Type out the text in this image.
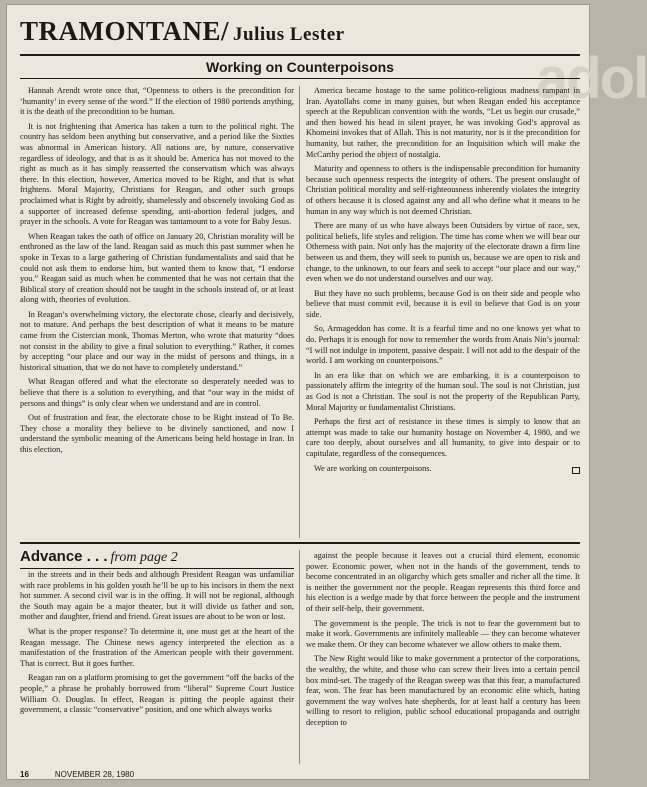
TRAMONTANE/ Julius Lester
adol
Working on Counterpoisons

Hannah Arendt wrote once that, “Openness to others is the precondition for ‘humanity’ in every sense of the word.” If the election of 1980 portends anything, it is the death of the precondition to be human.

It is not frightening that America has taken a turn to the political right. The country has seldom been anything but conservative, and a period like the Sixties was abnormal in American history. All nations are, by nature, conservative regardless of ideology, and that is as it should be. America has not moved to the right as much as it has simply reasserted the conservatism which was always there. In this election, however, America moved to be Right, and that is what frightens. Moral Majority, Christians for Reagan, and other such groups proclaimed what is Right by adroitly, shamelessly and obscenely invoking God as a supporter of increased defense spending, anti-abortion federal judges, and prayer in the schools. A vote for Reagan was tantamount to a vote for Baby Jesus.

When Reagan takes the oath of office on January 20, Christian morality will be enthroned as the law of the land. Reagan said as much this past summer when he spoke in Texas to a large gathering of Christian fundamentalists and said that he could not ask them to endorse him, but wanted them to know that, “I endorse you.” Reagan said as much when he commented that he was not certain that the Biblical story of creation should not be taught in the schools instead of, or at least along with, theories of evolution.

In Reagan’s overwhelming victory, the electorate chose, clearly and decisively, not to mature. And perhaps the best description of what it means to be mature came from the Cistercian monk, Thomas Merton, who wrote that maturity “does not consist in the ability to give a final solution to everything.” Rather, it comes by accepting “our place and our way in the midst of persons and things, in a historical situation, that we do not have to completely understand.”

What Reagan offered and what the electorate so desperately needed was to believe that there is a solution to everything, and that “our way in the midst of persons and things” is only clear when we understand and are in control.

Out of frustration and fear, the electorate chose to be Right instead of To Be. They chose a morality they believe to be divinely sanctioned, and now I understand the symbolic meaning of the Americans being held hostage in Iran. In this election,

America became hostage to the same politico-religious madness rampant in Iran. Ayatollahs come in many guises, but when Reagan ended his acceptance speech at the Republican convention with the words, “Let us begin our crusade,” and then bowed his head in silent prayer, he was invoking God’s approval as Khomeini invokes that of Allah. This is not maturity, nor is it the precondition for humanity, but rather, the precondition for an Inquisition which will make the McCarthy period the object of nostalgia.

Maturity and openness to others is the indispensable precondition for humanity because such openness respects the integrity of others. The present onslaught of Christian political morality and self-righteousness inherently violates the integrity of others because it is closed against any and all who define what it means to be human in any way which is not deemed Christian.

There are many of us who have always been Outsiders by virtue of race, sex, political beliefs, life styles and religion. The time has come when we will bear our Otherness with pain. Not only has the majority of the electorate drawn a firm line between us and them, they will seek to punish us, because we are open to risk and change, to the unknown, to our fears and seek to accept “our place and our way,” even when we do not understand ourselves and our way.

But they have no such problems, because God is on their side and people who believe that must commit evil, because it is evil to believe that God is on your side.

So, Armageddon has come. It is a fearful time and no one knows yet what to do. Perhaps it is enough for now to remember the words from Anais Nin’s journal: “I will not indulge in impotent, passive despair. I will not add to the despair of the world. I am working on counterpoisons.”

In an era like that on which we are embarking, it is a counterpoison to passionately affirm the integrity of the human soul. The soul is not Christian, just as God is not a Christian. The soul is not the property of the Republican Party, Moral Majority or fundamentalist Christians.

Perhaps the first act of resistance in these times is simply to know that an attempt was made to take our humanity hostage on November 4, 1980, and we care too deeply, about ourselves and all humanity, to give into despair or to capitulate, regardless of the consequences.

We are working on counterpoisons.

Advance . . . from page 2

in the streets and in their beds and although President Reagan was unfamiliar with race problems in his golden youth he’ll be up to his incisors in them the next hot summer. A second civil war is in the offing. It will not be regional, although the South may again be a major theater, but it will divide us father and son, mother and daughter, friend and friend. Great issues are about to be won or lost.

What is the proper response? To determine it, one must get at the heart of the Reagan message. The Chinese news agency interpreted the election as a manifestation of the frustration of the American people with their government. That is correct. But it goes further.

Reagan ran on a platform promising to get the government “off the backs of the people,” a phrase he probably borrowed from “liberal” Supreme Court Justice William O. Douglas. In effect, Reagan is pitting the people against their government, a classic “conservative” position, and one which always works

against the people because it leaves out a crucial third element, economic power. Economic power, when not in the hands of the government, tends to become concentrated in an oligarchy which gets smaller and richer all the time. It is neither the government nor the people. Reagan represents this third force and his election is a wedge made by that force between the people and the instrument of their self-help, their government.

The government is the people. The trick is not to fear the government but to make it work. Governments are infinitely malleable — they can become whatever we make them. Or they can become whatever we allow others to make them.

The New Right would like to make government a protector of the corporations, the wealthy, the white, and those who can screw their lives into a certain pencil box mind-set. The tragedy of the Reagan sweep was that this fear, a manufactured fear, won. The fear has been manufactured by an economic elite which, hating government the way wolves hate shepherds, for at least half a century has been willing to resort to religion, public school educational propaganda and outright deception to

16	NOVEMBER 28, 1980
